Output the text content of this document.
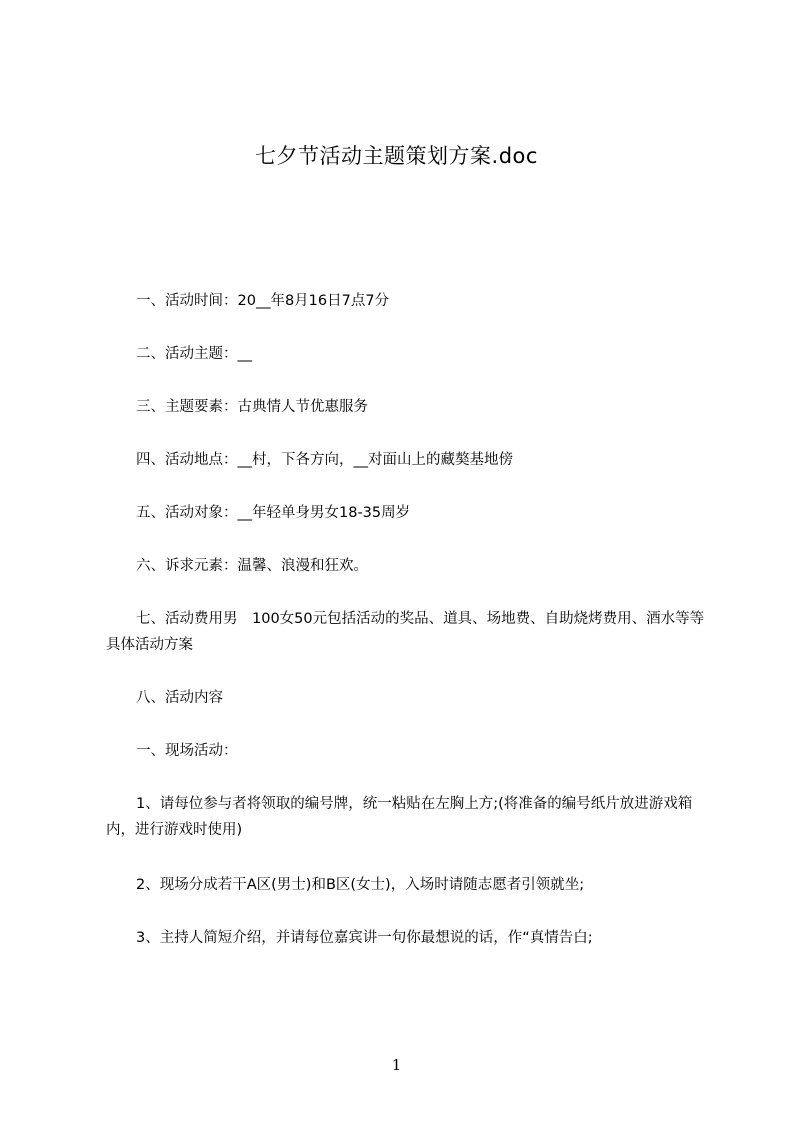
七夕节活动主题策划方案.doc
一、活动时间：20__年8月16日7点7分
二、活动主题：__
三、主题要素：古典情人节优惠服务
四、活动地点：__村，下各方向，__对面山上的藏獒基地傍
五、活动对象：__年轻单身男女18-35周岁
六、诉求元素：温馨、浪漫和狂欢。
七、活动费用男　100女50元包括活动的奖品、道具、场地费、自助烧烤费用、酒水等等具体活动方案
八、活动内容
一、现场活动：
1、请每位参与者将领取的编号牌，统一粘贴在左胸上方;(将准备的编号纸片放进游戏箱内，进行游戏时使用)
2、现场分成若干A区(男士)和B区(女士)，入场时请随志愿者引领就坐;
3、主持人简短介绍，并请每位嘉宾讲一句你最想说的话，作“真情告白;
1
